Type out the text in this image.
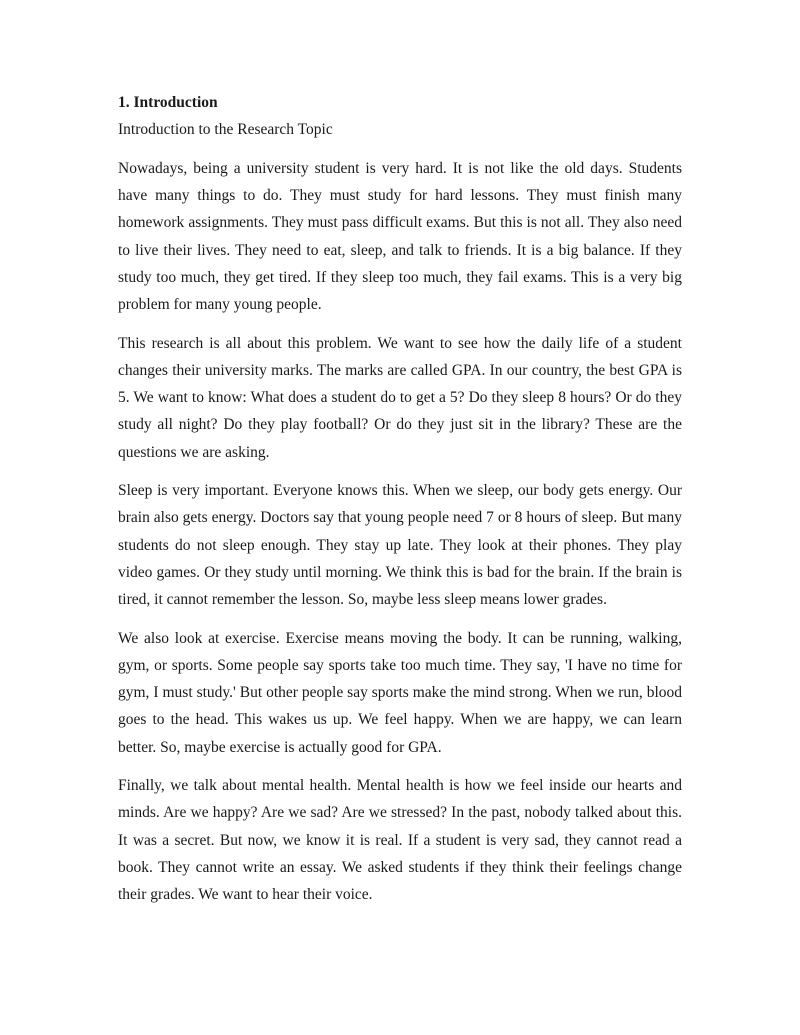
1. Introduction

Introduction to the Research Topic

Nowadays, being a university student is very hard. It is not like the old days. Students have many things to do. They must study for hard lessons. They must finish many homework assignments. They must pass difficult exams. But this is not all. They also need to live their lives. They need to eat, sleep, and talk to friends. It is a big balance. If they study too much, they get tired. If they sleep too much, they fail exams. This is a very big problem for many young people.

This research is all about this problem. We want to see how the daily life of a student changes their university marks. The marks are called GPA. In our country, the best GPA is 5. We want to know: What does a student do to get a 5? Do they sleep 8 hours? Or do they study all night? Do they play football? Or do they just sit in the library? These are the questions we are asking.

Sleep is very important. Everyone knows this. When we sleep, our body gets energy. Our brain also gets energy. Doctors say that young people need 7 or 8 hours of sleep. But many students do not sleep enough. They stay up late. They look at their phones. They play video games. Or they study until morning. We think this is bad for the brain. If the brain is tired, it cannot remember the lesson. So, maybe less sleep means lower grades.

We also look at exercise. Exercise means moving the body. It can be running, walking, gym, or sports. Some people say sports take too much time. They say, 'I have no time for gym, I must study.' But other people say sports make the mind strong. When we run, blood goes to the head. This wakes us up. We feel happy. When we are happy, we can learn better. So, maybe exercise is actually good for GPA.

Finally, we talk about mental health. Mental health is how we feel inside our hearts and minds. Are we happy? Are we sad? Are we stressed? In the past, nobody talked about this. It was a secret. But now, we know it is real. If a student is very sad, they cannot read a book. They cannot write an essay. We asked students if they think their feelings change their grades. We want to hear their voice.
